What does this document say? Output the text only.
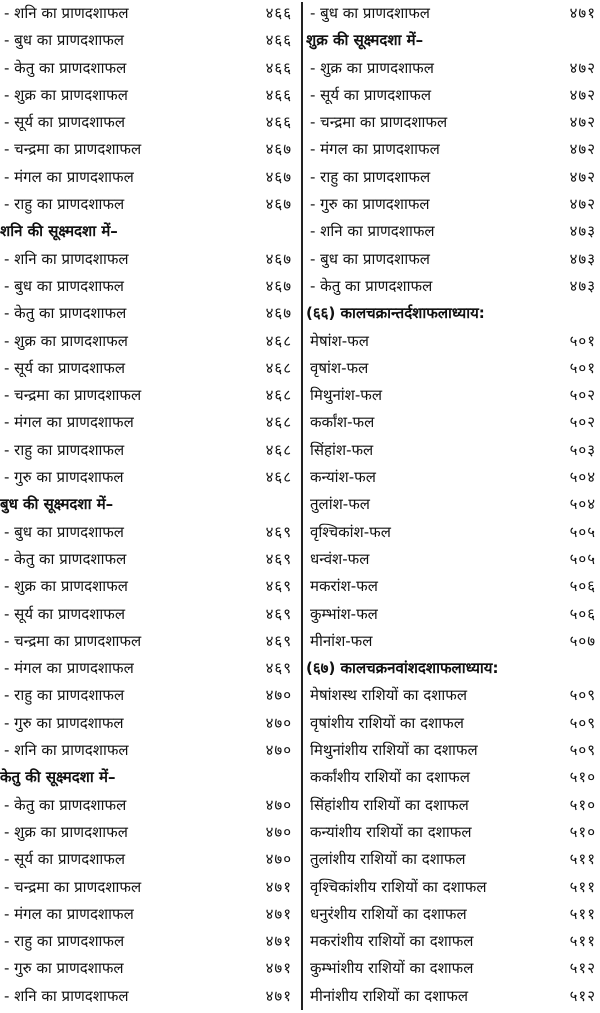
- शनि का प्राणदशाफल	४६६
- बुध का प्राणदशाफल	४६६
- केतु का प्राणदशाफल	४६६
- शुक्र का प्राणदशाफल	४६६
- सूर्य का प्राणदशाफल	४६६
- चन्द्रमा का प्राणदशाफल	४६७
- मंगल का प्राणदशाफल	४६७
- राहु का प्राणदशाफल	४६७
शनि की सूक्ष्मदशा में–
- शनि का प्राणदशाफल	४६७
- बुध का प्राणदशाफल	४६७
- केतु का प्राणदशाफल	४६७
- शुक्र का प्राणदशाफल	४६८
- सूर्य का प्राणदशाफल	४६८
- चन्द्रमा का प्राणदशाफल	४६८
- मंगल का प्राणदशाफल	४६८
- राहु का प्राणदशाफल	४६८
- गुरु का प्राणदशाफल	४६८
बुध की सूक्ष्मदशा में–
- बुध का प्राणदशाफल	४६९
- केतु का प्राणदशाफल	४६९
- शुक्र का प्राणदशाफल	४६९
- सूर्य का प्राणदशाफल	४६९
- चन्द्रमा का प्राणदशाफल	४६९
- मंगल का प्राणदशाफल	४६९
- राहु का प्राणदशाफल	४७०
- गुरु का प्राणदशाफल	४७०
- शनि का प्राणदशाफल	४७०
केतु की सूक्ष्मदशा में–
- केतु का प्राणदशाफल	४७०
- शुक्र का प्राणदशाफल	४७०
- सूर्य का प्राणदशाफल	४७०
- चन्द्रमा का प्राणदशाफल	४७१
- मंगल का प्राणदशाफल	४७१
- राहु का प्राणदशाफल	४७१
- गुरु का प्राणदशाफल	४७१
- शनि का प्राणदशाफल	४७१
- बुध का प्राणदशाफल	४७१
शुक्र की सूक्ष्मदशा में–
- शुक्र का प्राणदशाफल	४७२
- सूर्य का प्राणदशाफल	४७२
- चन्द्रमा का प्राणदशाफल	४७२
- मंगल का प्राणदशाफल	४७२
- राहु का प्राणदशाफल	४७२
- गुरु का प्राणदशाफल	४७२
- शनि का प्राणदशाफल	४७३
- बुध का प्राणदशाफल	४७३
- केतु का प्राणदशाफल	४७३
(६६) कालचक्रान्तर्दशाफलाध्याय:
मेषांश-फल	५०१
वृषांश-फल	५०१
मिथुनांश-फल	५०२
कर्कांश-फल	५०२
सिंहांश-फल	५०३
कन्यांश-फल	५०४
तुलांश-फल	५०४
वृश्चिकांश-फल	५०५
धन्वंश-फल	५०५
मकरांश-फल	५०६
कुम्भांश-फल	५०६
मीनांश-फल	५०७
(६७) कालचक्रनवांशदशाफलाध्याय:
मेषांशस्थ राशियों का दशाफल	५०९
वृषांशीय राशियों का दशाफल	५०९
मिथुनांशीय राशियों का दशाफल	५०९
कर्कांशीय राशियों का दशाफल	५१०
सिंहांशीय राशियों का दशाफल	५१०
कन्यांशीय राशियों का दशाफल	५१०
तुलांशीय राशियों का दशाफल	५११
वृश्चिकांशीय राशियों का दशाफल	५११
धनुरंशीय राशियों का दशाफल	५११
मकरांशीय राशियों का दशाफल	५११
कुम्भांशीय राशियों का दशाफल	५१२
मीनांशीय राशियों का दशाफल	५१२
